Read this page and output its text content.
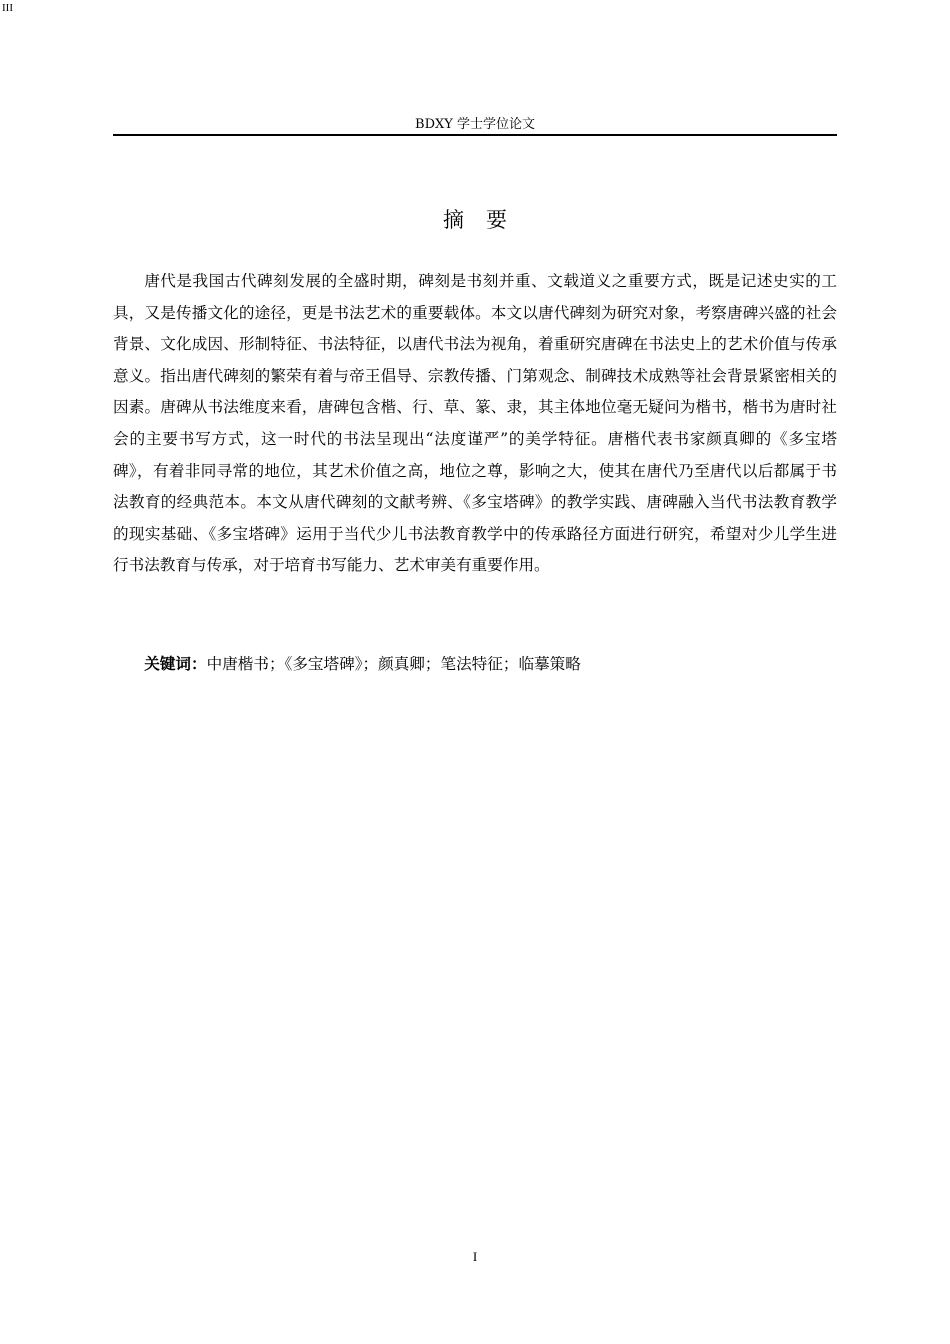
III
BDXY 学士学位论文
摘要

唐代是我国古代碑刻发展的全盛时期，碑刻是书刻并重、文载道义之重要方式，既是记述史实的工具，又是传播文化的途径，更是书法艺术的重要载体。本文以唐代碑刻为研究对象，考察唐碑兴盛的社会背景、文化成因、形制特征、书法特征，以唐代书法为视角，着重研究唐碑在书法史上的艺术价值与传承意义。指出唐代碑刻的繁荣有着与帝王倡导、宗教传播、门第观念、制碑技术成熟等社会背景紧密相关的因素。唐碑从书法维度来看，唐碑包含楷、行、草、篆、隶，其主体地位毫无疑问为楷书，楷书为唐时社会的主要书写方式，这一时代的书法呈现出“法度谨严”的美学特征。唐楷代表书家颜真卿的《多宝塔碑》，有着非同寻常的地位，其艺术价值之高，地位之尊，影响之大，使其在唐代乃至唐代以后都属于书法教育的经典范本。本文从唐代碑刻的文献考辨、《多宝塔碑》的教学实践、唐碑融入当代书法教育教学的现实基础、《多宝塔碑》运用于当代少儿书法教育教学中的传承路径方面进行研究，希望对少儿学生进行书法教育与传承，对于培育书写能力、艺术审美有重要作用。

关键词：中唐楷书；《多宝塔碑》；颜真卿；笔法特征；临摹策略

I
